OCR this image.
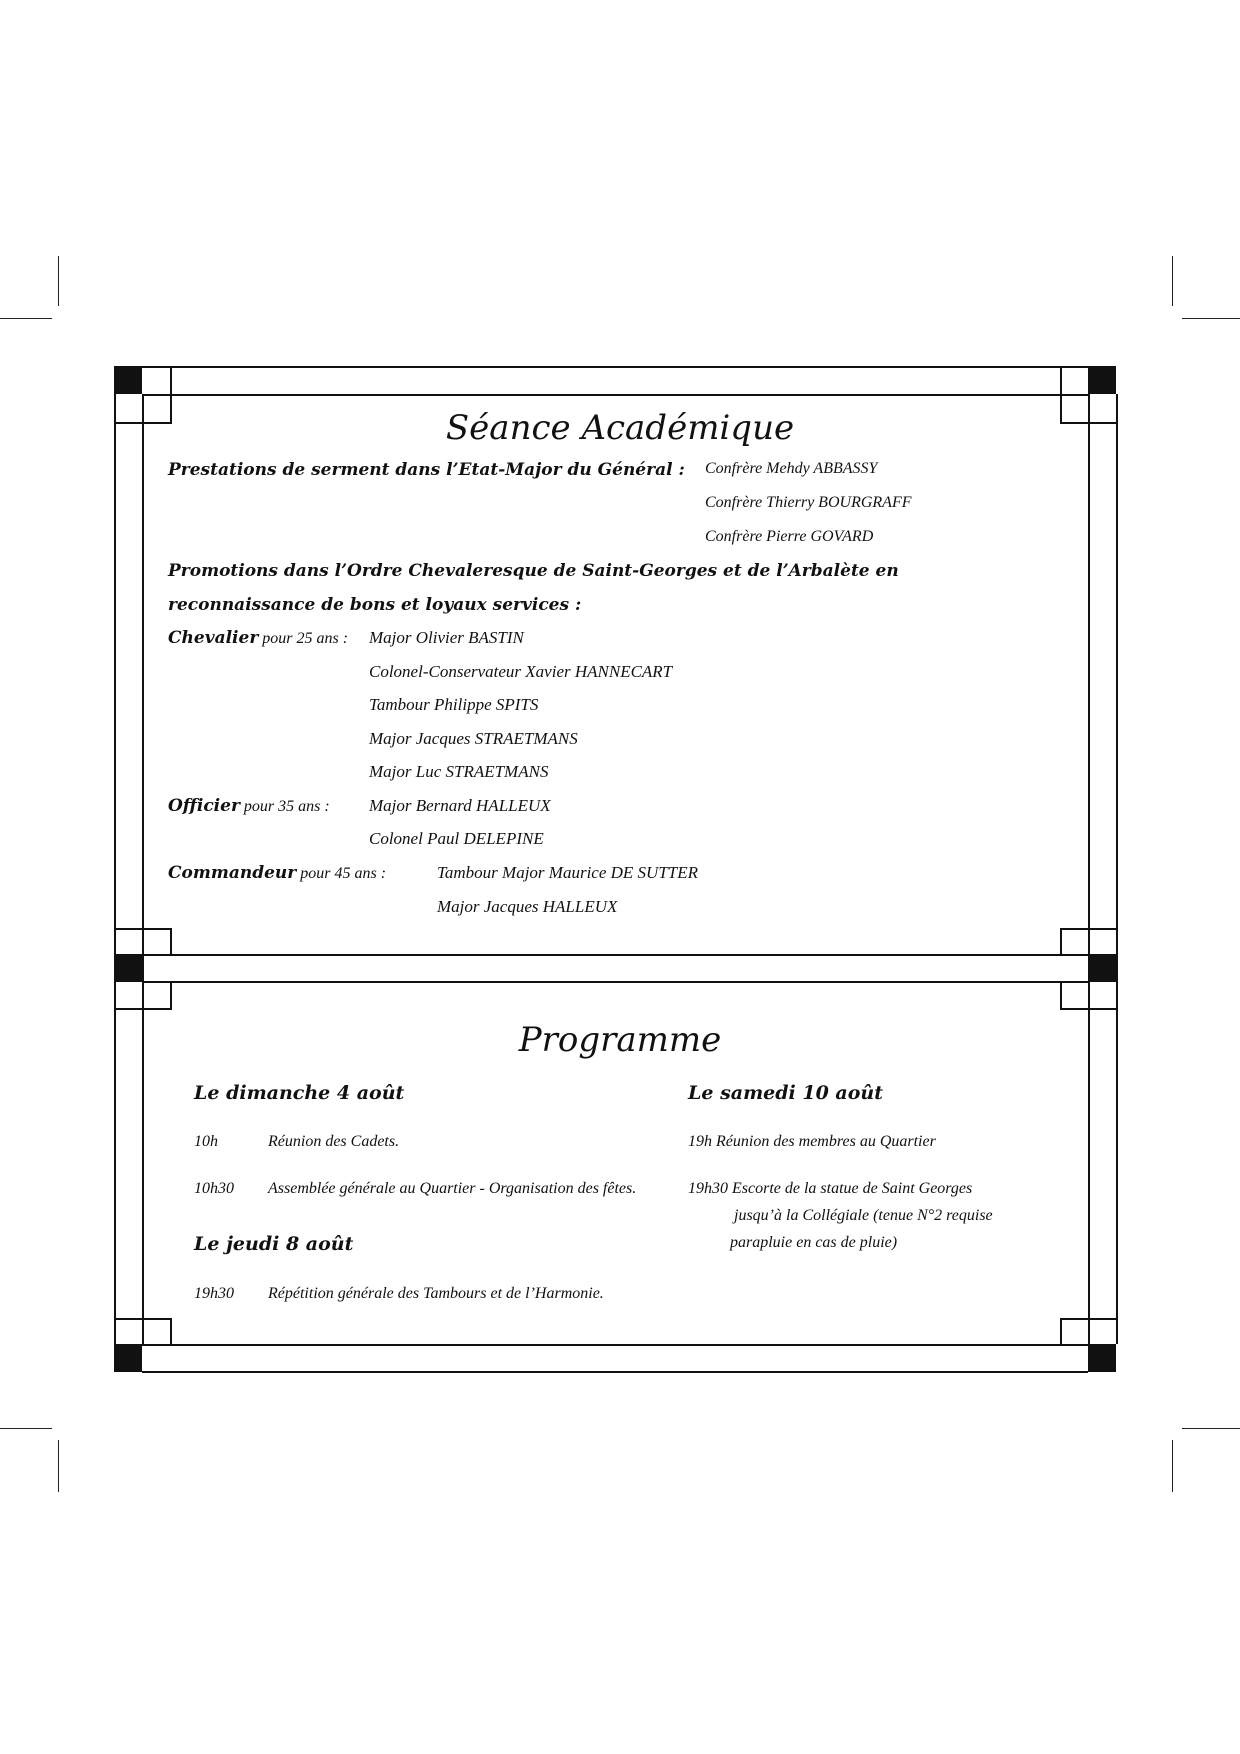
Séance Académique
Prestations de serment dans l’Etat-Major du Général : Confrère Mehdy ABBASSY
Confrère Thierry BOURGRAFF
Confrère Pierre GOVARD
Promotions dans l’Ordre Chevaleresque de Saint-Georges et de l’Arbalète en
reconnaissance de bons et loyaux services :
Chevalier pour 25 ans : Major Olivier BASTIN
Colonel-Conservateur Xavier HANNECART
Tambour Philippe SPITS
Major Jacques STRAETMANS
Major Luc STRAETMANS
Officier pour 35 ans : Major Bernard HALLEUX
Colonel Paul DELEPINE
Commandeur pour 45 ans :	Tambour Major Maurice DE SUTTER
Major Jacques HALLEUX
Programme
Le dimanche 4 août
10h	Réunion des Cadets.
10h30 Assemblée générale au Quartier - Organisation des fêtes.
Le jeudi 8 août
19h30 Répétition générale des Tambours et de l’Harmonie.
Le samedi 10 août
19h Réunion des membres au Quartier
19h30 Escorte de la statue de Saint Georges
jusqu’à la Collégiale (tenue N°2 requise
parapluie en cas de pluie)
